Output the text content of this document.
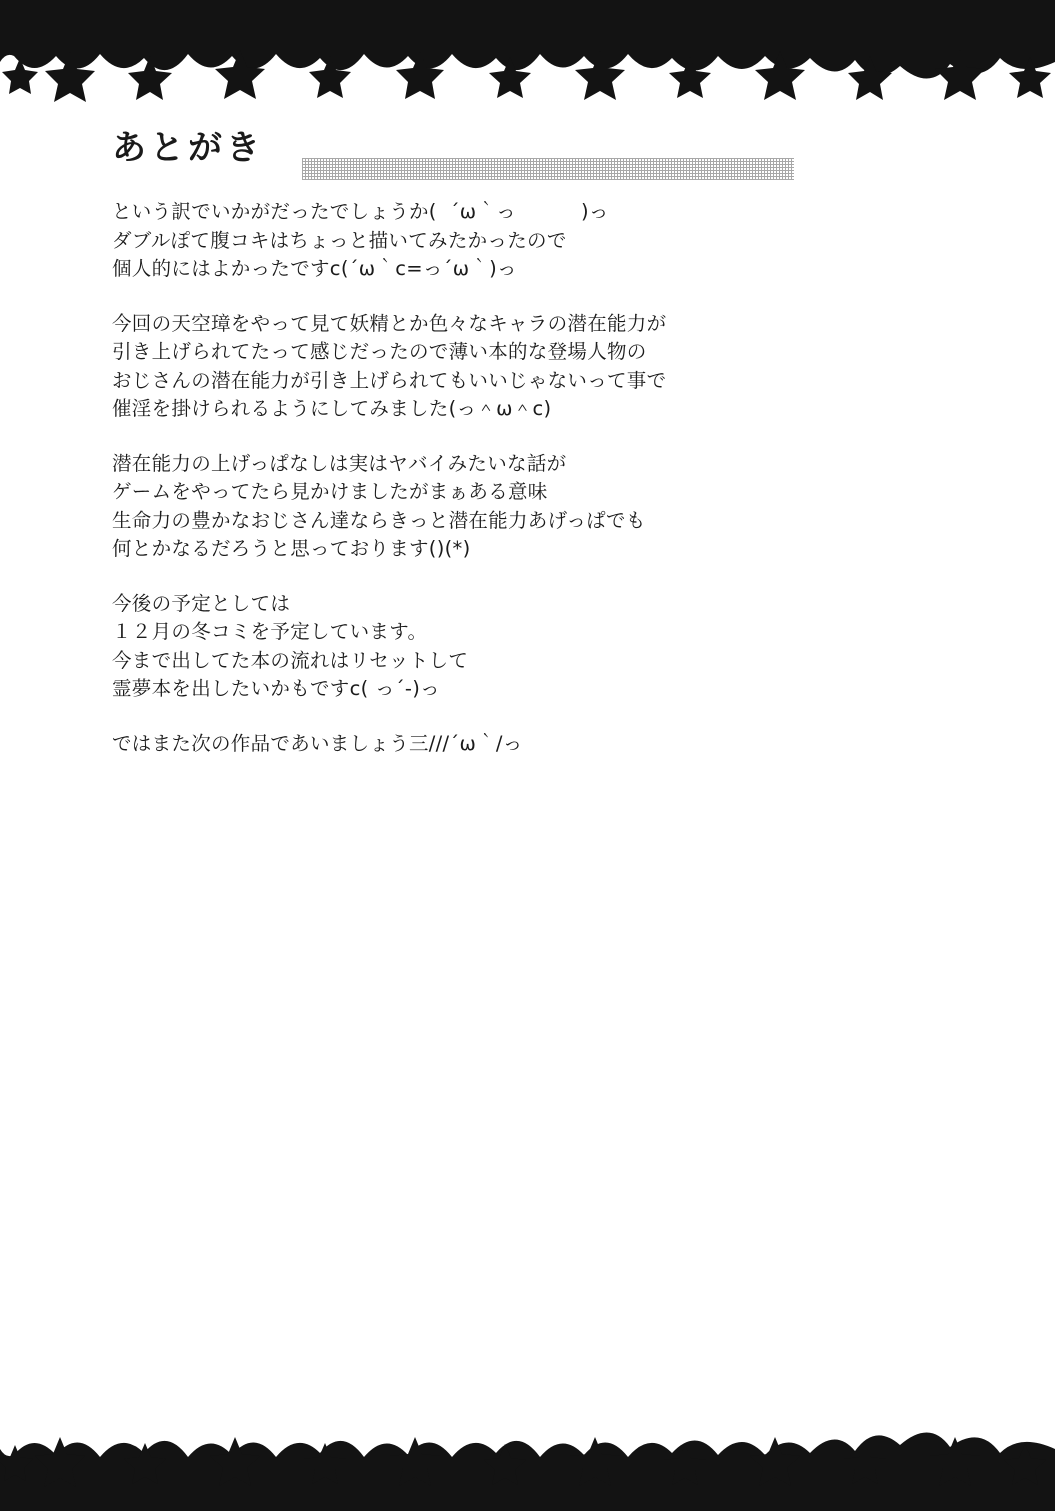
あとがき
という訳でいかがだったでしょうか(  ´ω｀っ          )っ
ダブルぽて腹コキはちょっと描いてみたかったので
個人的にはよかったですc(´ω｀c=っ´ω｀)っ
今回の天空璋をやって見て妖精とか色々なキャラの潜在能力が
引き上げられてたって感じだったので薄い本的な登場人物の
おじさんの潜在能力が引き上げられてもいいじゃないって事で
催淫を掛けられるようにしてみました(っ＾ω＾c)
潜在能力の上げっぱなしは実はヤバイみたいな話が
ゲームをやってたら見かけましたがまぁある意味
生命力の豊かなおじさん達ならきっと潜在能力あげっぱでも
何とかなるだろうと思っております()(*)
今後の予定としては
１２月の冬コミを予定しています。
今まで出してた本の流れはリセットして
霊夢本を出したいかもですc( っ´-)っ
ではまた次の作品であいましょう三///´ω｀/っ
